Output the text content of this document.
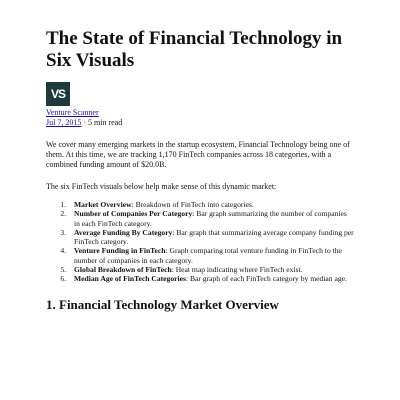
The State of Financial Technology in Six Visuals
VS
Venture Scanner
Jul 7, 2015 · 5 min read

We cover many emerging markets in the startup ecosystem, Financial Technology being one of them. At this time, we are tracking 1,170 FinTech companies across 18 categories, with a combined funding amount of $20.0B.

The six FinTech visuals below help make sense of this dynamic market:

1. Market Overview: Breakdown of FinTech into categories.
2. Number of Companies Per Category: Bar graph summarizing the number of companies in each FinTech category.
3. Average Funding By Category: Bar graph that summarizing average company funding per FinTech category.
4. Venture Funding in FinTech: Graph comparing total venture funding in FinTech to the number of companies in each category.
5. Global Breakdown of FinTech: Heat map indicating where FinTech exist.
6. Median Age of FinTech Categories: Bar graph of each FinTech category by median age.
1. Financial Technology Market Overview
